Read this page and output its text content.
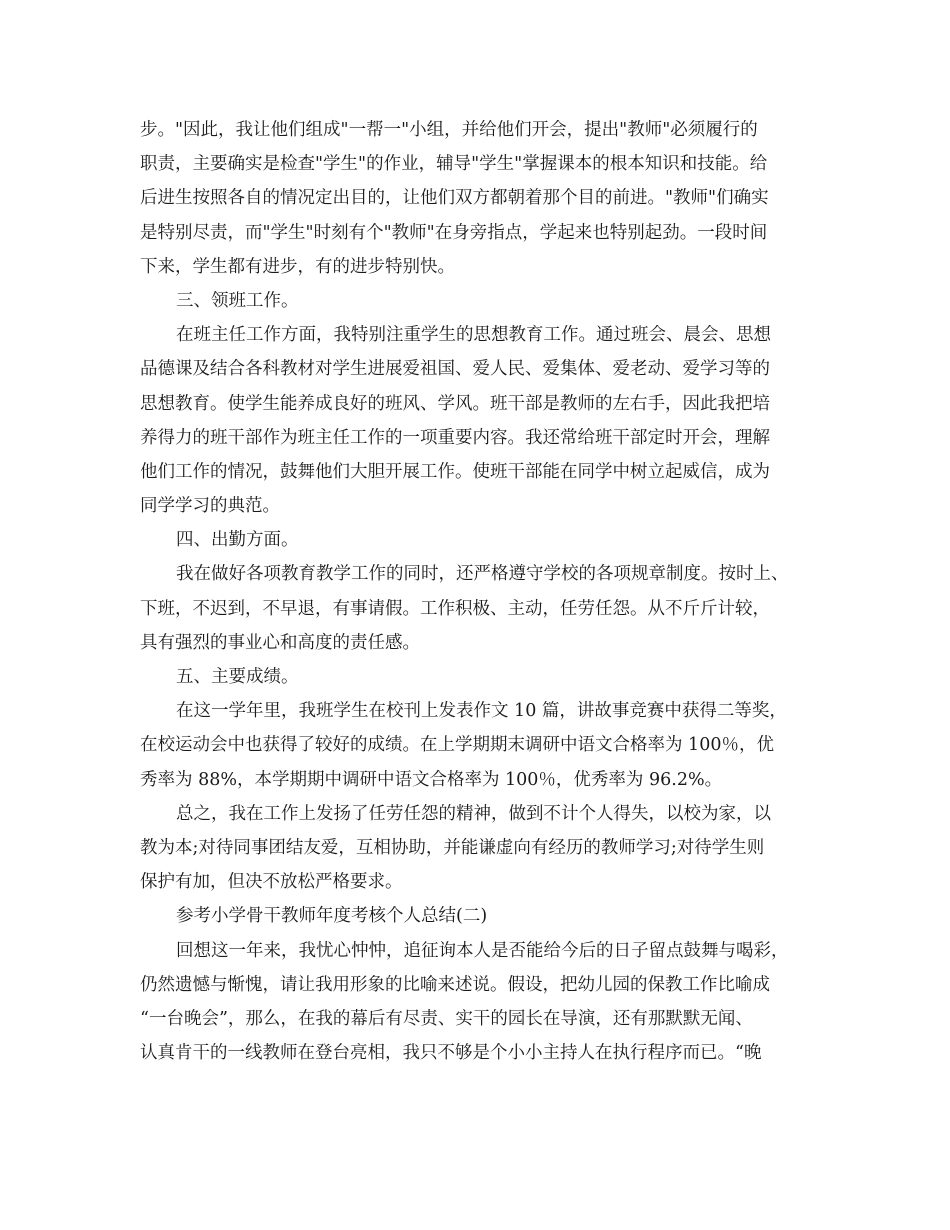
步。"因此，我让他们组成"一帮一"小组，并给他们开会，提出"教师"必须履行的
职责，主要确实是检查"学生"的作业，辅导"学生"掌握课本的根本知识和技能。给
后进生按照各自的情况定出目的，让他们双方都朝着那个目的前进。"教师"们确实
是特别尽责，而"学生"时刻有个"教师"在身旁指点，学起来也特别起劲。一段时间
下来，学生都有进步，有的进步特别快。
三、领班工作。
在班主任工作方面，我特别注重学生的思想教育工作。通过班会、晨会、思想
品德课及结合各科教材对学生进展爱祖国、爱人民、爱集体、爱老动、爱学习等的
思想教育。使学生能养成良好的班风、学风。班干部是教师的左右手，因此我把培
养得力的班干部作为班主任工作的一项重要内容。我还常给班干部定时开会，理解
他们工作的情况，鼓舞他们大胆开展工作。使班干部能在同学中树立起威信，成为
同学学习的典范。
四、出勤方面。
我在做好各项教育教学工作的同时，还严格遵守学校的各项规章制度。按时上、
下班，不迟到，不早退，有事请假。工作积极、主动，任劳任怨。从不斤斤计较，
具有强烈的事业心和高度的责任感。
五、主要成绩。
在这一学年里，我班学生在校刊上发表作文 10 篇，讲故事竞赛中获得二等奖，
在校运动会中也获得了较好的成绩。在上学期期末调研中语文合格率为 100％，优
秀率为 88%，本学期期中调研中语文合格率为 100％，优秀率为 96.2%。
总之，我在工作上发扬了任劳任怨的精神，做到不计个人得失，以校为家，以
教为本;对待同事团结友爱，互相协助，并能谦虚向有经历的教师学习;对待学生则
保护有加，但决不放松严格要求。
参考小学骨干教师年度考核个人总结(二)
回想这一年来，我忧心忡忡，追征询本人是否能给今后的日子留点鼓舞与喝彩，
仍然遗憾与惭愧，请让我用形象的比喻来述说。假设，把幼儿园的保教工作比喻成
“一台晚会”，那么，在我的幕后有尽责、实干的园长在导演，还有那默默无闻、
认真肯干的一线教师在登台亮相，我只不够是个小小主持人在执行程序而已。“晚
